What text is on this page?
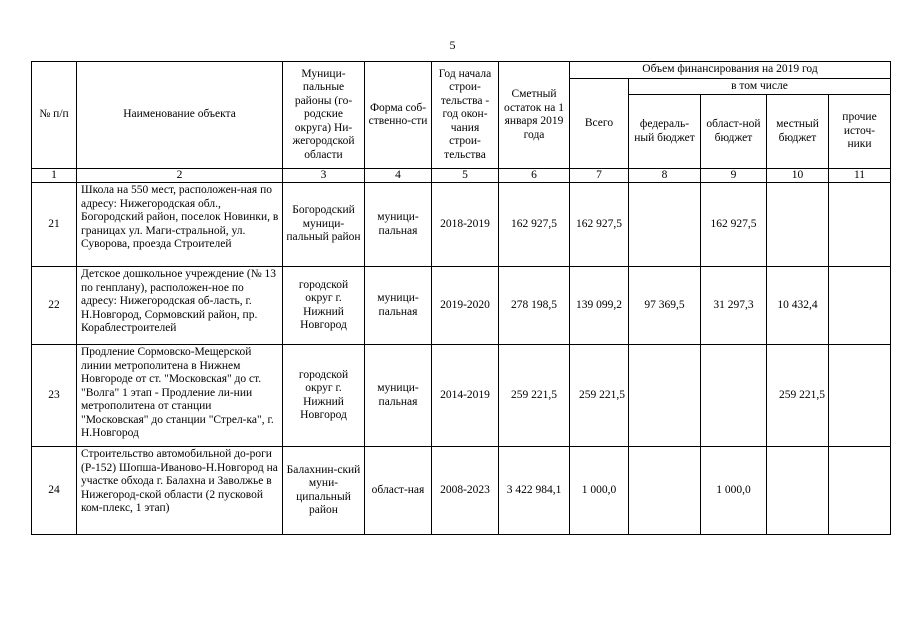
5
№ п/п	Наименование объекта	Муници-пальные районы (го-родские округа) Ни-жегородской области	Форма соб-ственно-сти	Год начала строи-тельства - год окон-чания строи-тельства	Сметный остаток на 1 января 2019 года	Объем финансирования на 2019 год				
						Всего	в том числе			
							федераль-ный бюджет	област-ной бюджет	местный бюджет	прочие источ-ники
1	2	3	4	5	6	7	8	9	10	11
21	Школа на 550 мест, расположен-ная по адресу: Нижегородская обл., Богородский район, поселок Новинки, в границах ул. Маги-стральной, ул. Суворова, проезда Строителей	Богородский муници-пальный район	муници-пальная	2018-2019	162 927,5	162 927,5		162 927,5		
22	Детское дошкольное учреждение (№ 13 по генплану), расположен-ное по адресу: Нижегородская об-ласть, г. Н.Новгород, Сормовский район, пр. Кораблестроителей	городской округ г. Нижний Новгород	муници-пальная	2019-2020	278 198,5	139 099,2	97 369,5	31 297,3	10 432,4	
23	Продление Сормовско-Мещерской линии метрополитена в Нижнем Новгороде от ст. "Московская" до ст. "Волга" 1 этап - Продление ли-нии метрополитена от станции "Московская" до станции "Стрел-ка", г. Н.Новгород	городской округ г. Нижний Новгород	муници-пальная	2014-2019	259 221,5	259 221,5			259 221,5	
24	Строительство автомобильной до-роги (Р-152) Шопша-Иваново-Н.Новгород на участке обхода г. Балахна и Заволжье в Нижегород-ской области (2 пусковой ком-плекс, 1 этап)	Балахнин-ский муни-ципальный район	област-ная	2008-2023	3 422 984,1	1 000,0		1 000,0		
